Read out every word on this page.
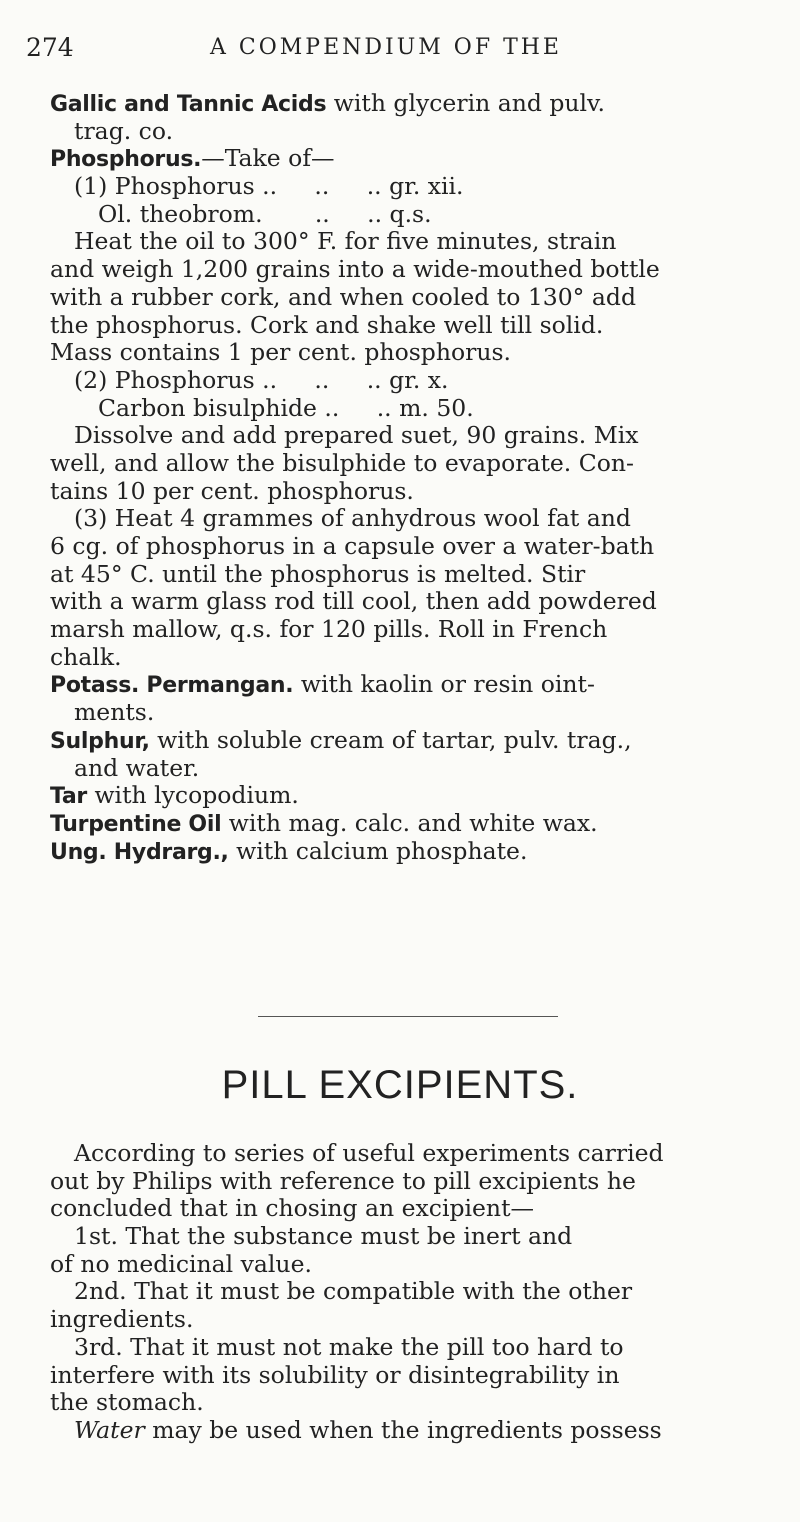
274	A COMPENDIUM OF THE
Gallic and Tannic Acids with glycerin and pulv.
trag. co.
Phosphorus.—Take of—
(1) Phosphorus ..     ..     .. gr. xii.
Ol. theobrom.       ..     .. q.s.
Heat the oil to 300° F. for five minutes, strain
and weigh 1,200 grains into a wide-mouthed bottle
with a rubber cork, and when cooled to 130° add
the phosphorus. Cork and shake well till solid.
Mass contains 1 per cent. phosphorus.
(2) Phosphorus ..     ..     .. gr. x.
Carbon bisulphide ..     .. m. 50.
Dissolve and add prepared suet, 90 grains. Mix
well, and allow the bisulphide to evaporate. Con-
tains 10 per cent. phosphorus.
(3) Heat 4 grammes of anhydrous wool fat and
6 cg. of phosphorus in a capsule over a water-bath
at 45° C. until the phosphorus is melted. Stir
with a warm glass rod till cool, then add powdered
marsh mallow, q.s. for 120 pills. Roll in French
chalk.
Potass. Permangan. with kaolin or resin oint-
ments.
Sulphur, with soluble cream of tartar, pulv. trag.,
and water.
Tar with lycopodium.
Turpentine Oil with mag. calc. and white wax.
Ung. Hydrarg., with calcium phosphate.
PILL EXCIPIENTS.
According to series of useful experiments carried
out by Philips with reference to pill excipients he
concluded that in chosing an excipient—
1st. That the substance must be inert and
of no medicinal value.
2nd. That it must be compatible with the other
ingredients.
3rd. That it must not make the pill too hard to
interfere with its solubility or disintegrability in
the stomach.
Water may be used when the ingredients possess
